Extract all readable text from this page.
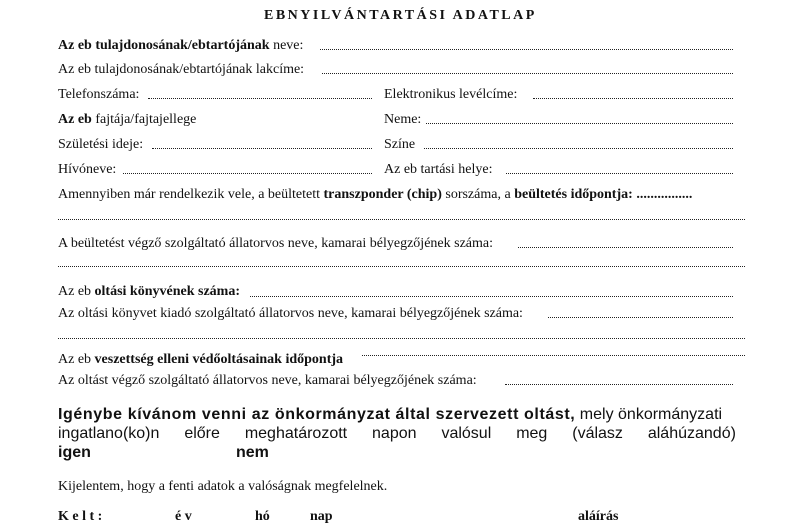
EBNYILVÁNTARTÁSI ADATLAP
Az eb tulajdonosának/ebtartójának neve:
Az eb tulajdonosának/ebtartójának lakcíme:
Telefonszáma:	Elektronikus levélcíme:
Az eb fajtája/fajtajellege	Neme:
Születési ideje:	Színe
Hívóneve:	Az eb tartási helye:
Amennyiben már rendelkezik vele, a beültetett transzponder (chip) sorszáma, a beültetés időpontja: ................
A beültetést végző szolgáltató állatorvos neve, kamarai bélyegzőjének száma:
Az eb oltási könyvének száma:
Az oltási könyvet kiadó szolgáltató állatorvos neve, kamarai bélyegzőjének száma:
Az eb veszettség elleni védőoltásainak időpontja
Az oltást végző szolgáltató állatorvos neve, kamarai bélyegzőjének száma:
Igénybe kívánom venni az önkormányzat által szervezett oltást, mely önkormányzati
ingatlano(ko)n előre meghatározott napon valósul meg (válasz aláhúzandó)
igen	nem
Kijelentem, hogy a fenti adatok a valóságnak megfelelnek.
K e l t :	é v	hó	nap	aláírás
